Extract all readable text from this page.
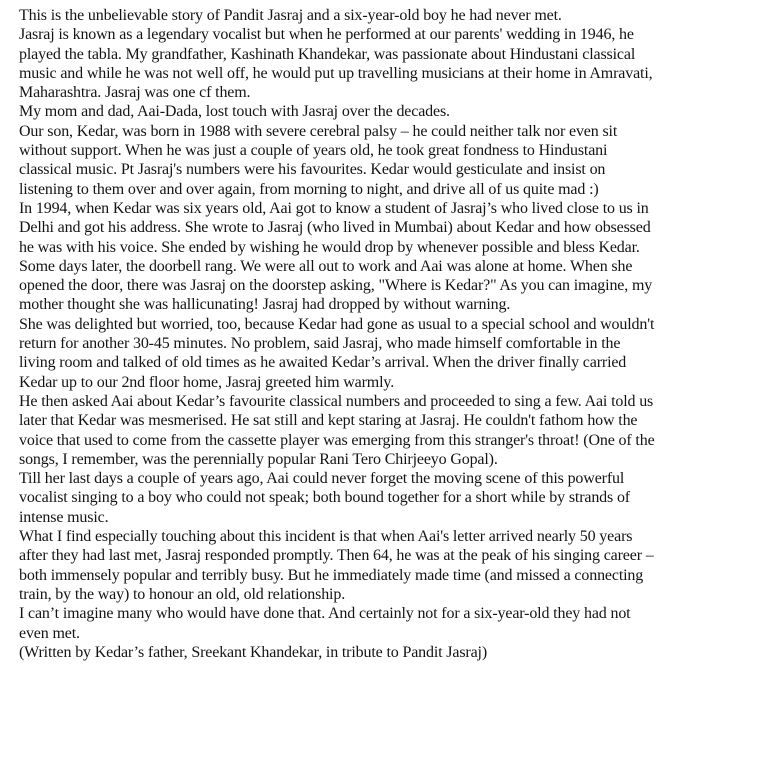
This is the unbelievable story of Pandit Jasraj and a six-year-old boy he had never met.
Jasraj is known as a legendary vocalist but when he performed at our parents' wedding in 1946, he
played the tabla. My grandfather, Kashinath Khandekar, was passionate about Hindustani classical
music and while he was not well off, he would put up travelling musicians at their home in Amravati,
Maharashtra. Jasraj was one cf them.
My mom and dad, Aai-Dada, lost touch with Jasraj over the decades.
Our son, Kedar, was born in 1988 with severe cerebral palsy – he could neither talk nor even sit
without support. When he was just a couple of years old, he took great fondness to Hindustani
classical music. Pt Jasraj's numbers were his favourites. Kedar would gesticulate and insist on
listening to them over and over again, from morning to night, and drive all of us quite mad :)
In 1994, when Kedar was six years old, Aai got to know a student of Jasraj’s who lived close to us in
Delhi and got his address. She wrote to Jasraj (who lived in Mumbai) about Kedar and how obsessed
he was with his voice. She ended by wishing he would drop by whenever possible and bless Kedar.
Some days later, the doorbell rang. We were all out to work and Aai was alone at home. When she
opened the door, there was Jasraj on the doorstep asking, "Where is Kedar?" As you can imagine, my
mother thought she was hallicunating! Jasraj had dropped by without warning.
She was delighted but worried, too, because Kedar had gone as usual to a special school and wouldn't
return for another 30-45 minutes. No problem, said Jasraj, who made himself comfortable in the
living room and talked of old times as he awaited Kedar’s arrival. When the driver finally carried
Kedar up to our 2nd floor home, Jasraj greeted him warmly.
He then asked Aai about Kedar’s favourite classical numbers and proceeded to sing a few. Aai told us
later that Kedar was mesmerised. He sat still and kept staring at Jasraj. He couldn't fathom how the
voice that used to come from the cassette player was emerging from this stranger's throat! (One of the
songs, I remember, was the perennially popular Rani Tero Chirjeeyo Gopal).
Till her last days a couple of years ago, Aai could never forget the moving scene of this powerful
vocalist singing to a boy who could not speak; both bound together for a short while by strands of
intense music.
What I find especially touching about this incident is that when Aai's letter arrived nearly 50 years
after they had last met, Jasraj responded promptly. Then 64, he was at the peak of his singing career –
both immensely popular and terribly busy. But he immediately made time (and missed a connecting
train, by the way) to honour an old, old relationship.
I can’t imagine many who would have done that. And certainly not for a six-year-old they had not
even met.
(Written by Kedar’s father, Sreekant Khandekar, in tribute to Pandit Jasraj)
